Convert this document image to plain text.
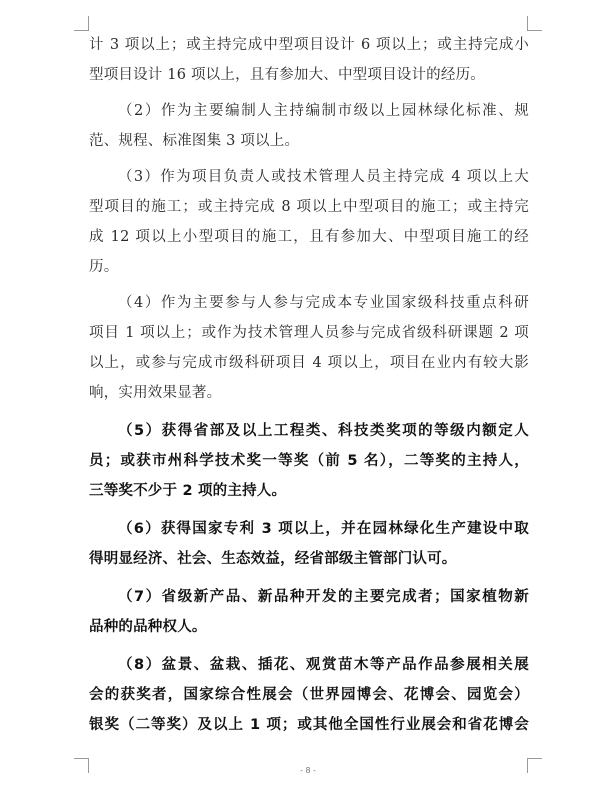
计 3 项以上；或主持完成中型项目设计 6 项以上；或主持完成小
型项目设计 16 项以上，且有参加大、中型项目设计的经历。
（2）作为主要编制人主持编制市级以上园林绿化标准、规
范、规程、标准图集 3 项以上。
（3）作为项目负责人或技术管理人员主持完成 4 项以上大
型项目的施工；或主持完成 8 项以上中型项目的施工；或主持完
成 12 项以上小型项目的施工，且有参加大、中型项目施工的经
历。
（4）作为主要参与人参与完成本专业国家级科技重点科研
项目 1 项以上；或作为技术管理人员参与完成省级科研课题 2 项
以上，或参与完成市级科研项目 4 项以上，项目在业内有较大影
响，实用效果显著。
（5）获得省部及以上工程类、科技类奖项的等级内额定人
员；或获市州科学技术奖一等奖（前 5 名），二等奖的主持人，
三等奖不少于 2 项的主持人。
（6）获得国家专利 3 项以上，并在园林绿化生产建设中取
得明显经济、社会、生态效益，经省部级主管部门认可。
（7）省级新产品、新品种开发的主要完成者；国家植物新
品种的品种权人。
（8）盆景、盆栽、插花、观赏苗木等产品作品参展相关展
会的获奖者，国家综合性展会（世界园博会、花博会、园览会）
银奖（二等奖）及以上 1 项；或其他全国性行业展会和省花博会
- 8 -
